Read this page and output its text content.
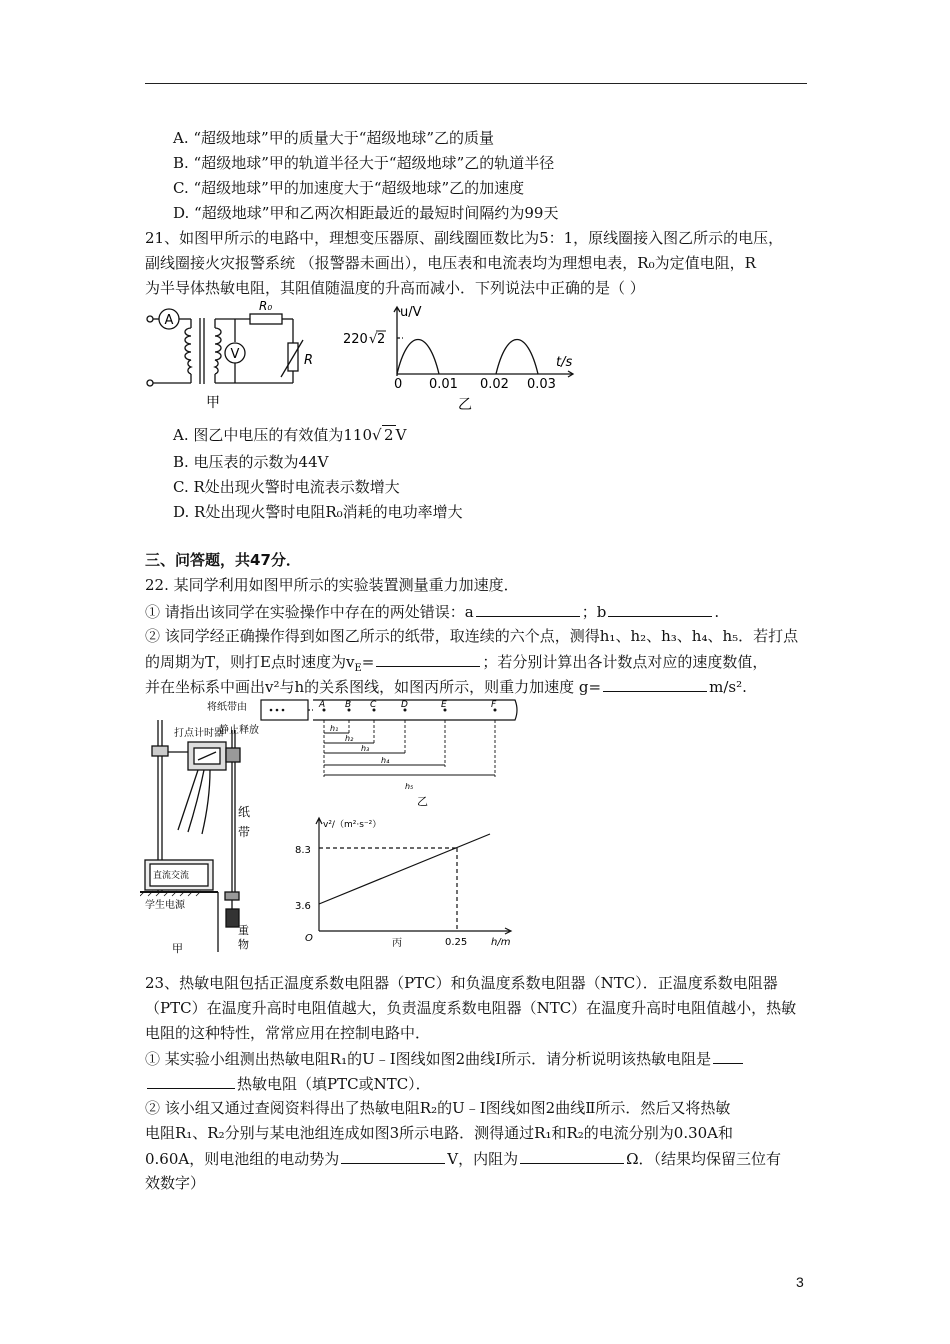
A. “超级地球”甲的质量大于“超级地球”乙的质量
B. “超级地球”甲的轨道半径大于“超级地球”乙的轨道半径
C. “超级地球”甲的加速度大于“超级地球”乙的加速度
D. “超级地球”甲和乙两次相距最近的最短时间隔约为99天
21、如图甲所示的电路中，理想变压器原、副线圈匝数比为5：1，原线圈接入图乙所示的电压，
副线圈接火灾报警系统 （报警器未画出），电压表和电流表均为理想电表，R₀为定值电阻，R
为半导体热敏电阻，其阻值随温度的升高而减小．下列说法中正确的是（ ）
A
V
R₀
R
甲
u/V
t/s
220 √ 2
0 0.01 0.02 0.03
乙
A. 图乙中电压的有效值为110 √ 2 V
B. 电压表的示数为44V
C. R处出现火警时电流表示数增大
D. R处出现火警时电阻R₀消耗的电功率增大
三、问答题，共47分．
22. 某同学利用如图甲所示的实验装置测量重力加速度．
① 请指出该同学在实验操作中存在的两处错误：a	；b	.
② 该同学经正确操作得到如图乙所示的纸带，取连续的六个点，测得h₁、h₂、h₃、h₄、h₅．若打点
的周期为T，则打E点时速度为$v_E=$	；若分别计算出各计数点对应的速度数值，
并在坐标系中画出v²与h的关系图线，如图丙所示，则重力加速度 g=	m/s².
打点计时器
纸
带
学生电源
直流交流
重
物
甲
将纸带由
静止释放
A B C	D	E	F
h₁
h₂
h₃
h₄
h₅
乙
v²/（m²·s⁻²）
8.3
3.6
O	0.25 h/m
丙
23、热敏电阻包括正温度系数电阻器（PTC）和负温度系数电阻器（NTC）．正温度系数电阻器
（PTC）在温度升高时电阻值越大，负责温度系数电阻器（NTC）在温度升高时电阻值越小，热敏
电阻的这种特性，常常应用在控制电路中．
① 某实验小组测出热敏电阻R₁的U﹣I图线如图2曲线Ⅰ所示．请分析说明该热敏电阻是
热敏电阻（填PTC或NTC）．
② 该小组又通过查阅资料得出了热敏电阻R₂的U﹣I图线如图2曲线Ⅱ所示．然后又将热敏
电阻R₁、R₂分别与某电池组连成如图3所示电路．测得通过R₁和R₂的电流分别为0.30A和
0.60A，则电池组的电动势为	V，内阻为	Ω．（结果均保留三位有
效数字）
3
